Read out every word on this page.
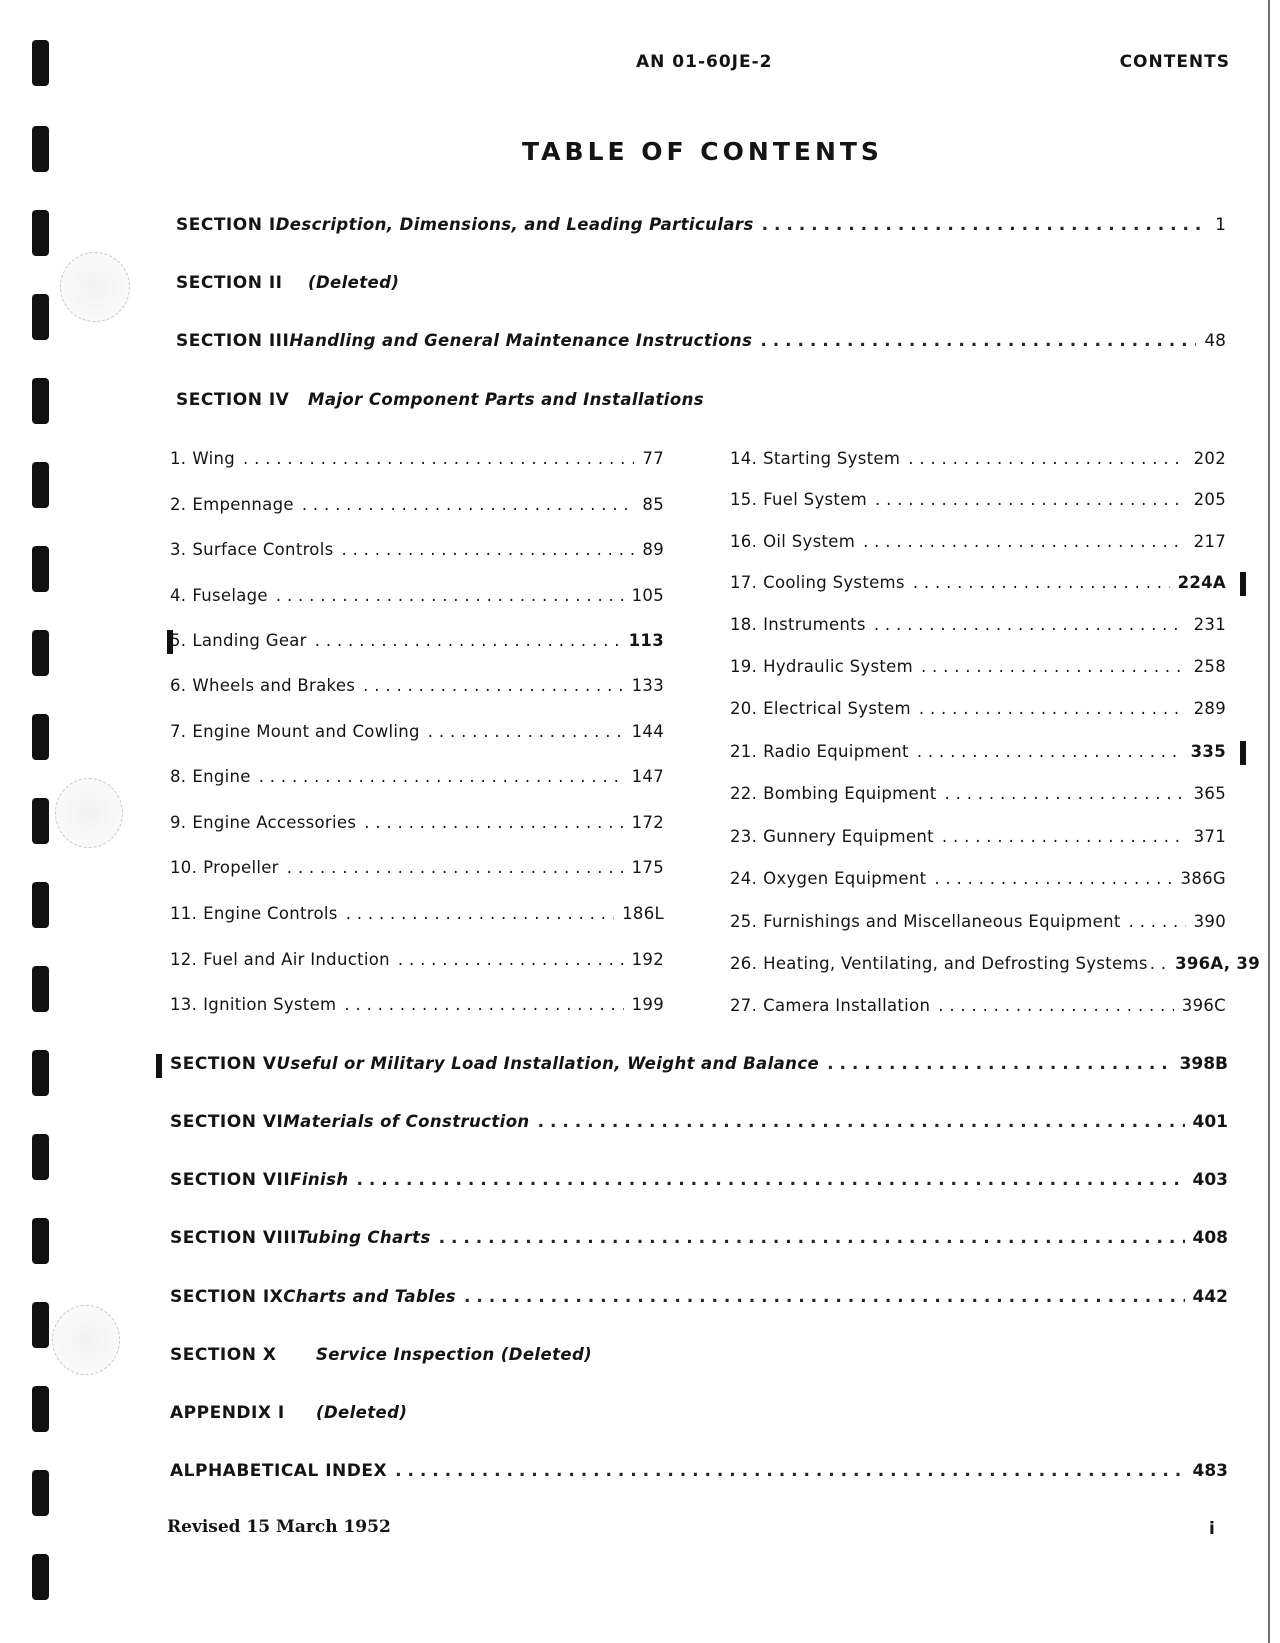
AN 01-60JE-2	CONTENTS
TABLE OF CONTENTS
SECTION I Description, Dimensions, and Leading Particulars . . .	1
SECTION II	(Deleted)
SECTION III Handling and General Maintenance Instructions . . .	48
SECTION IV	Major Component Parts and Installations
1. Wing . . .	77
2. Empennage . . .	85
3. Surface Controls . . .	89
4. Fuselage . . .	105
5. Landing Gear . . .	113
6. Wheels and Brakes . . .	133
7. Engine Mount and Cowling . . .	144
8. Engine . . .	147
9. Engine Accessories . . .	172
10. Propeller . . .	175
11. Engine Controls . . .	186L
12. Fuel and Air Induction . . .	192
13. Ignition System . . .	199
14. Starting System . . .	202
15. Fuel System . . .	205
16. Oil System . . .	217
17. Cooling Systems . . .	224A
18. Instruments . . .	231
19. Hydraulic System . . .	258
20. Electrical System . . .	289
21. Radio Equipment . . .	335
22. Bombing Equipment . . .	365
23. Gunnery Equipment . . .	371
24. Oxygen Equipment . . .	386G
25. Furnishings and Miscellaneous Equipment . . .	390
26. Heating, Ventilating, and Defrosting Systems . . . 396A, 39
27. Camera Installation . . .	396C
SECTION V Useful or Military Load Installation, Weight and Balance . . .	398B
SECTION VI Materials of Construction . . .	401
SECTION VII Finish . . .	403
SECTION VIII Tubing Charts . . .	408
SECTION IX Charts and Tables . . .	442
SECTION X	Service Inspection (Deleted)
APPENDIX I	(Deleted)
ALPHABETICAL INDEX . . .	483
Revised 15 March 1952	i
